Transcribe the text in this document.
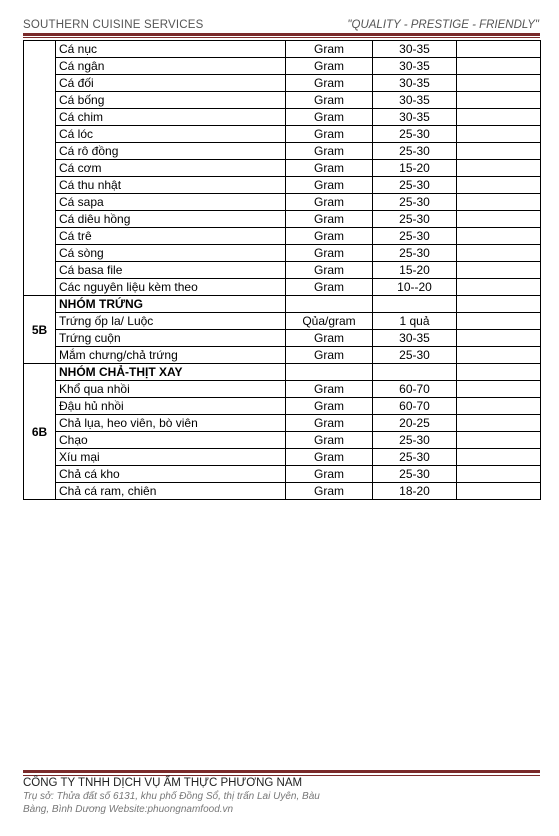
SOUTHERN CUISINE SERVICES	"QUALITY - PRESTIGE - FRIENDLY"
	Cá nục	Gram	30-35	
	Cá ngân	Gram	30-35	
	Cá đối	Gram	30-35	
	Cá bống	Gram	30-35	
	Cá chim	Gram	30-35	
	Cá lóc	Gram	25-30	
	Cá rô đồng	Gram	25-30	
	Cá cơm	Gram	15-20	
	Cá thu nhật	Gram	25-30	
	Cá sapa	Gram	25-30	
	Cá diêu hồng	Gram	25-30	
	Cá trê	Gram	25-30	
	Cá sòng	Gram	25-30	
	Cá basa file	Gram	15-20	
	Các nguyên liệu kèm theo	Gram	10--20	
5B	NHÓM TRỨNG			
	Trứng ốp la/ Luộc	Qủa/gram	1 quả	
	Trứng cuộn	Gram	30-35	
	Mắm chưng/chả trứng	Gram	25-30	
6B	NHÓM CHẢ-THỊT XAY			
	Khổ qua nhồi	Gram	60-70	
	Đậu hủ nhồi	Gram	60-70	
	Chả lụa, heo viên, bò viên	Gram	20-25	
	Chạo	Gram	25-30	
	Xíu mại	Gram	25-30	
	Chả cá kho	Gram	25-30	
	Chả cá ram, chiên	Gram	18-20	
CÔNG TY TNHH DỊCH VỤ ẨM THỰC PHƯƠNG NAM
Trụ sở: Thửa đất số 6131, khu phố Đồng Sổ, thị trấn Lai Uyên, Bàu Bàng, Bình Dương Website:phuongnamfood.vn
